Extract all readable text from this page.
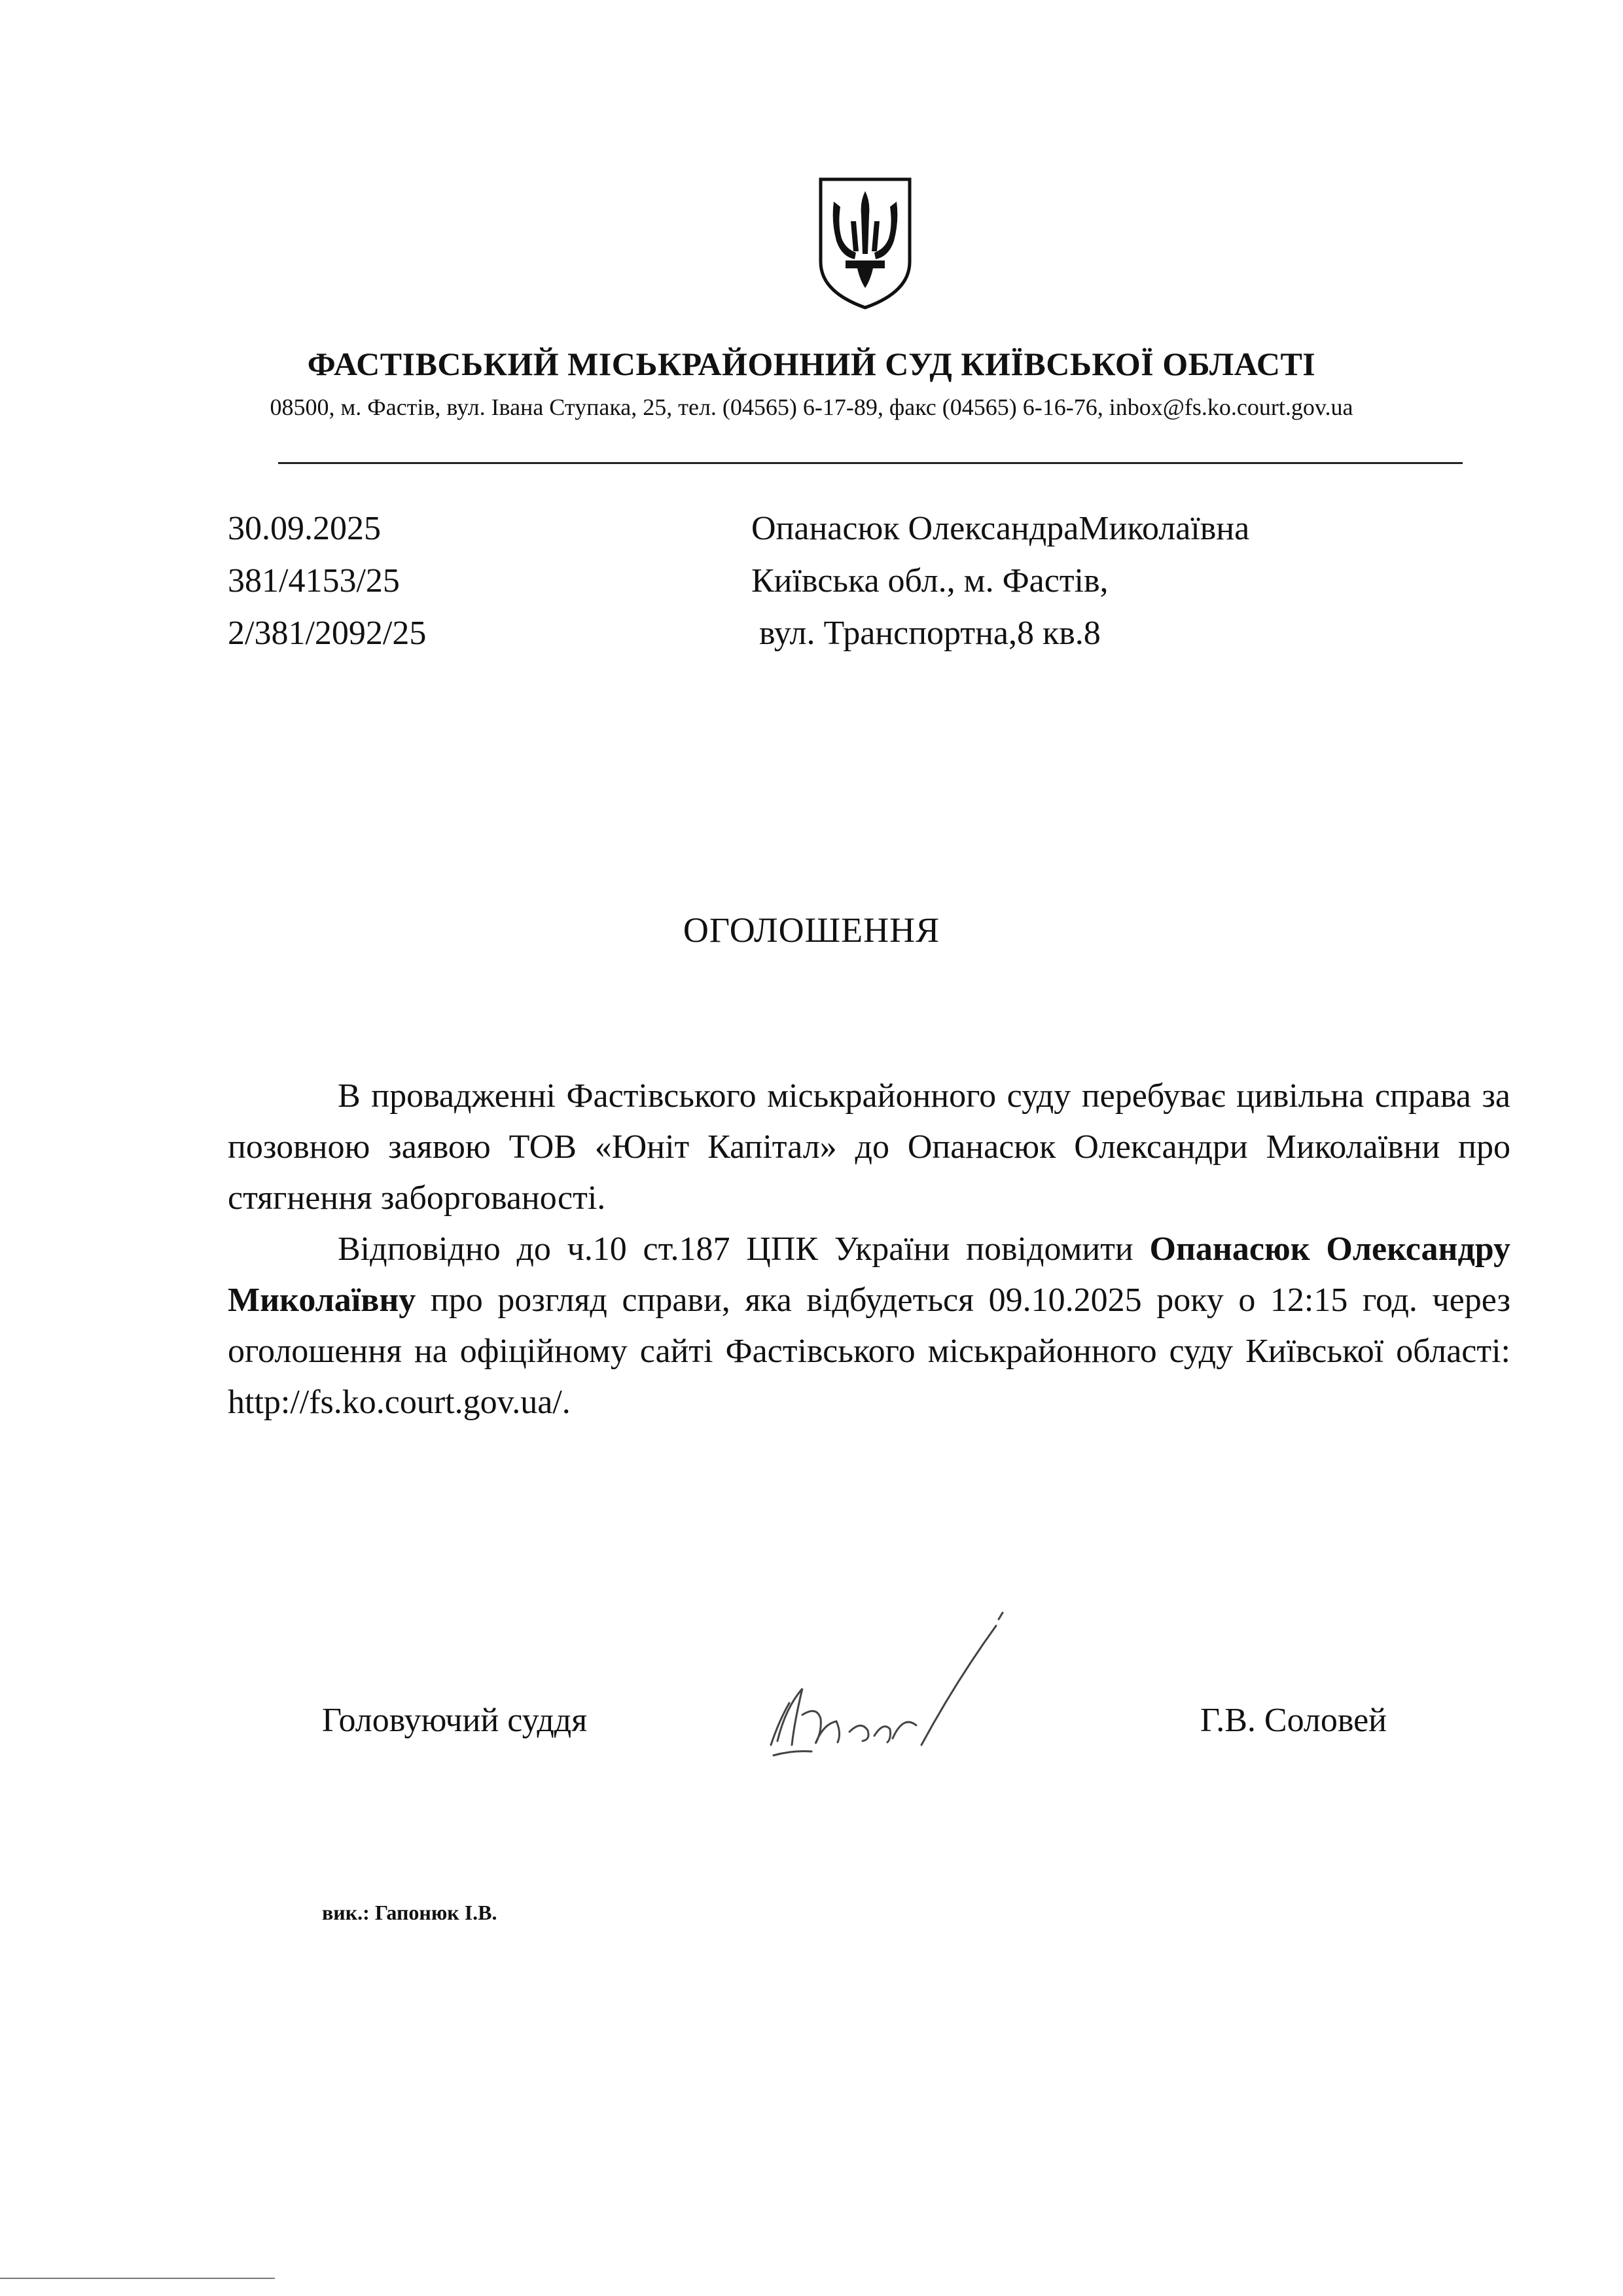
ФАСТІВСЬКИЙ МІСЬКРАЙОННИЙ СУД КИЇВСЬКОЇ ОБЛАСТІ
08500, м. Фастів, вул. Івана Ступака, 25, тел. (04565) 6-17-89, факс (04565) 6-16-76, inbox@fs.ko.court.gov.ua
30.09.2025
381/4153/25
2/381/2092/25
Опанасюк ОлександраМиколаївна
Київська обл., м. Фастів,
вул. Транспортна,8 кв.8
ОГОЛОШЕННЯ

В провадженні Фастівського міськрайонного суду перебуває цивільна справа за позовною заявою ТОВ «Юніт Капітал» до Опанасюк Олександри Миколаївни про стягнення заборгованості.

Відповідно до ч.10 ст.187 ЦПК України повідомити Опанасюк Олександру Миколаївну про розгляд справи, яка відбудеться 09.10.2025 року о 12:15 год. через оголошення на офіційному сайті Фастівського міськрайонного суду Київської області: http://fs.ko.court.gov.ua/.

Головуючий суддя	Г.В. Соловей
вик.: Гапонюк І.В.
